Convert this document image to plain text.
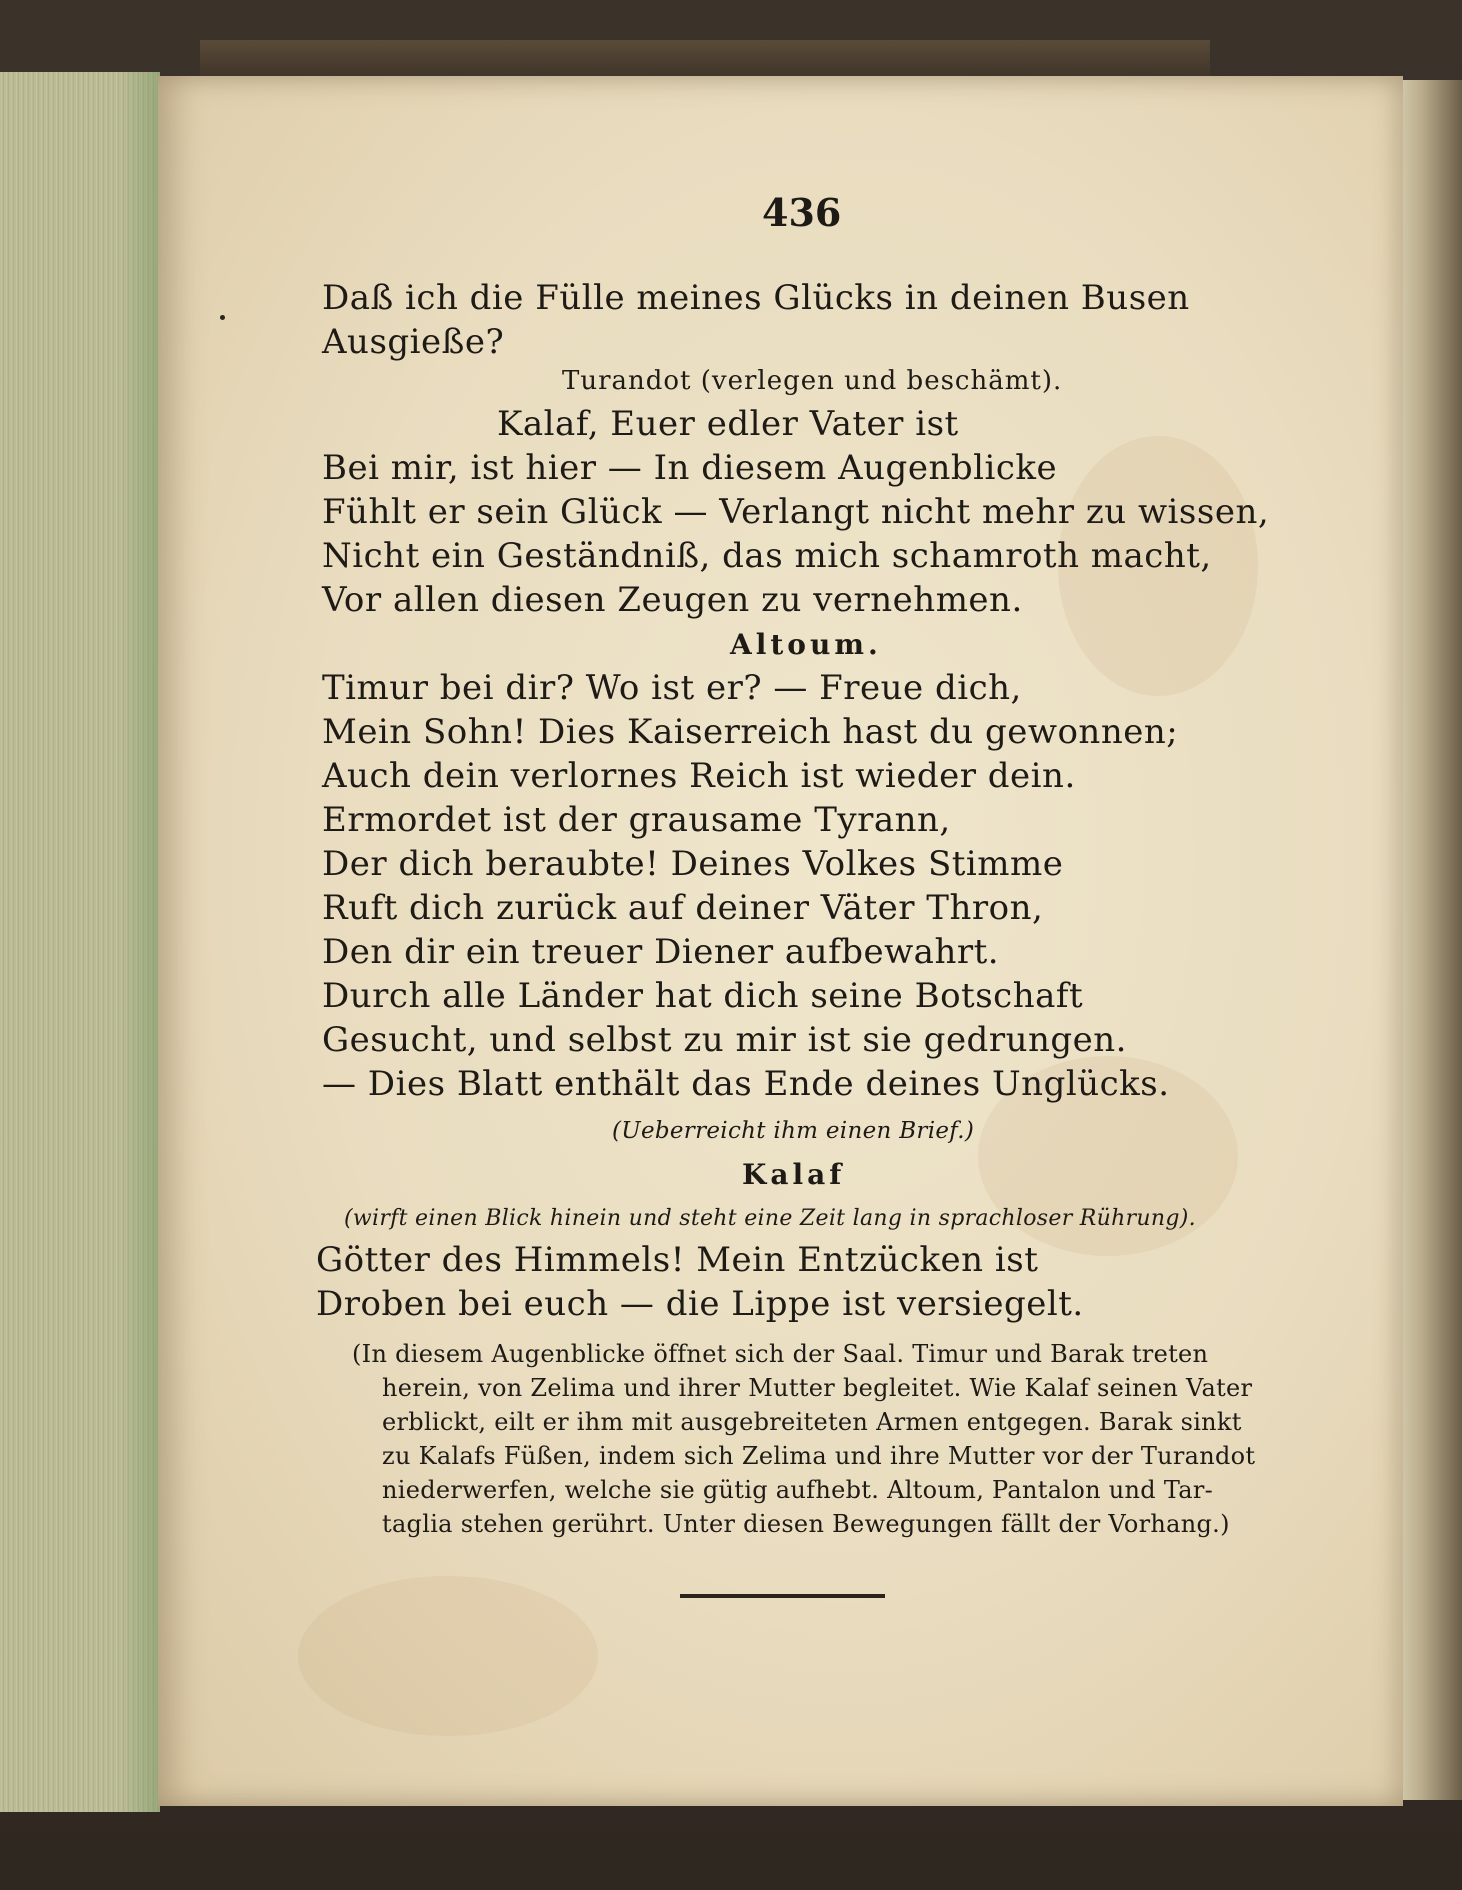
436
Daß ich die Fülle meines Glücks in deinen Busen
Ausgieße?
Turandot (verlegen und beschämt).
Kalaf, Euer edler Vater ist
Bei mir, ist hier — In diesem Augenblicke
Fühlt er sein Glück — Verlangt nicht mehr zu wissen,
Nicht ein Geständniß, das mich schamroth macht,
Vor allen diesen Zeugen zu vernehmen.
Altoum.
Timur bei dir? Wo ist er? — Freue dich,
Mein Sohn! Dies Kaiserreich hast du gewonnen;
Auch dein verlornes Reich ist wieder dein.
Ermordet ist der grausame Tyrann,
Der dich beraubte! Deines Volkes Stimme
Ruft dich zurück auf deiner Väter Thron,
Den dir ein treuer Diener aufbewahrt.
Durch alle Länder hat dich seine Botschaft
Gesucht, und selbst zu mir ist sie gedrungen.
— Dies Blatt enthält das Ende deines Unglücks.
(Ueberreicht ihm einen Brief.)
Kalaf
(wirft einen Blick hinein und steht eine Zeit lang in sprachloser Rührung).
Götter des Himmels! Mein Entzücken ist
Droben bei euch — die Lippe ist versiegelt.
(In diesem Augenblicke öffnet sich der Saal. Timur und Barak treten
herein, von Zelima und ihrer Mutter begleitet. Wie Kalaf seinen Vater
erblickt, eilt er ihm mit ausgebreiteten Armen entgegen. Barak sinkt
zu Kalafs Füßen, indem sich Zelima und ihre Mutter vor der Turandot
niederwerfen, welche sie gütig aufhebt. Altoum, Pantalon und Tar-
taglia stehen gerührt. Unter diesen Bewegungen fällt der Vorhang.)
